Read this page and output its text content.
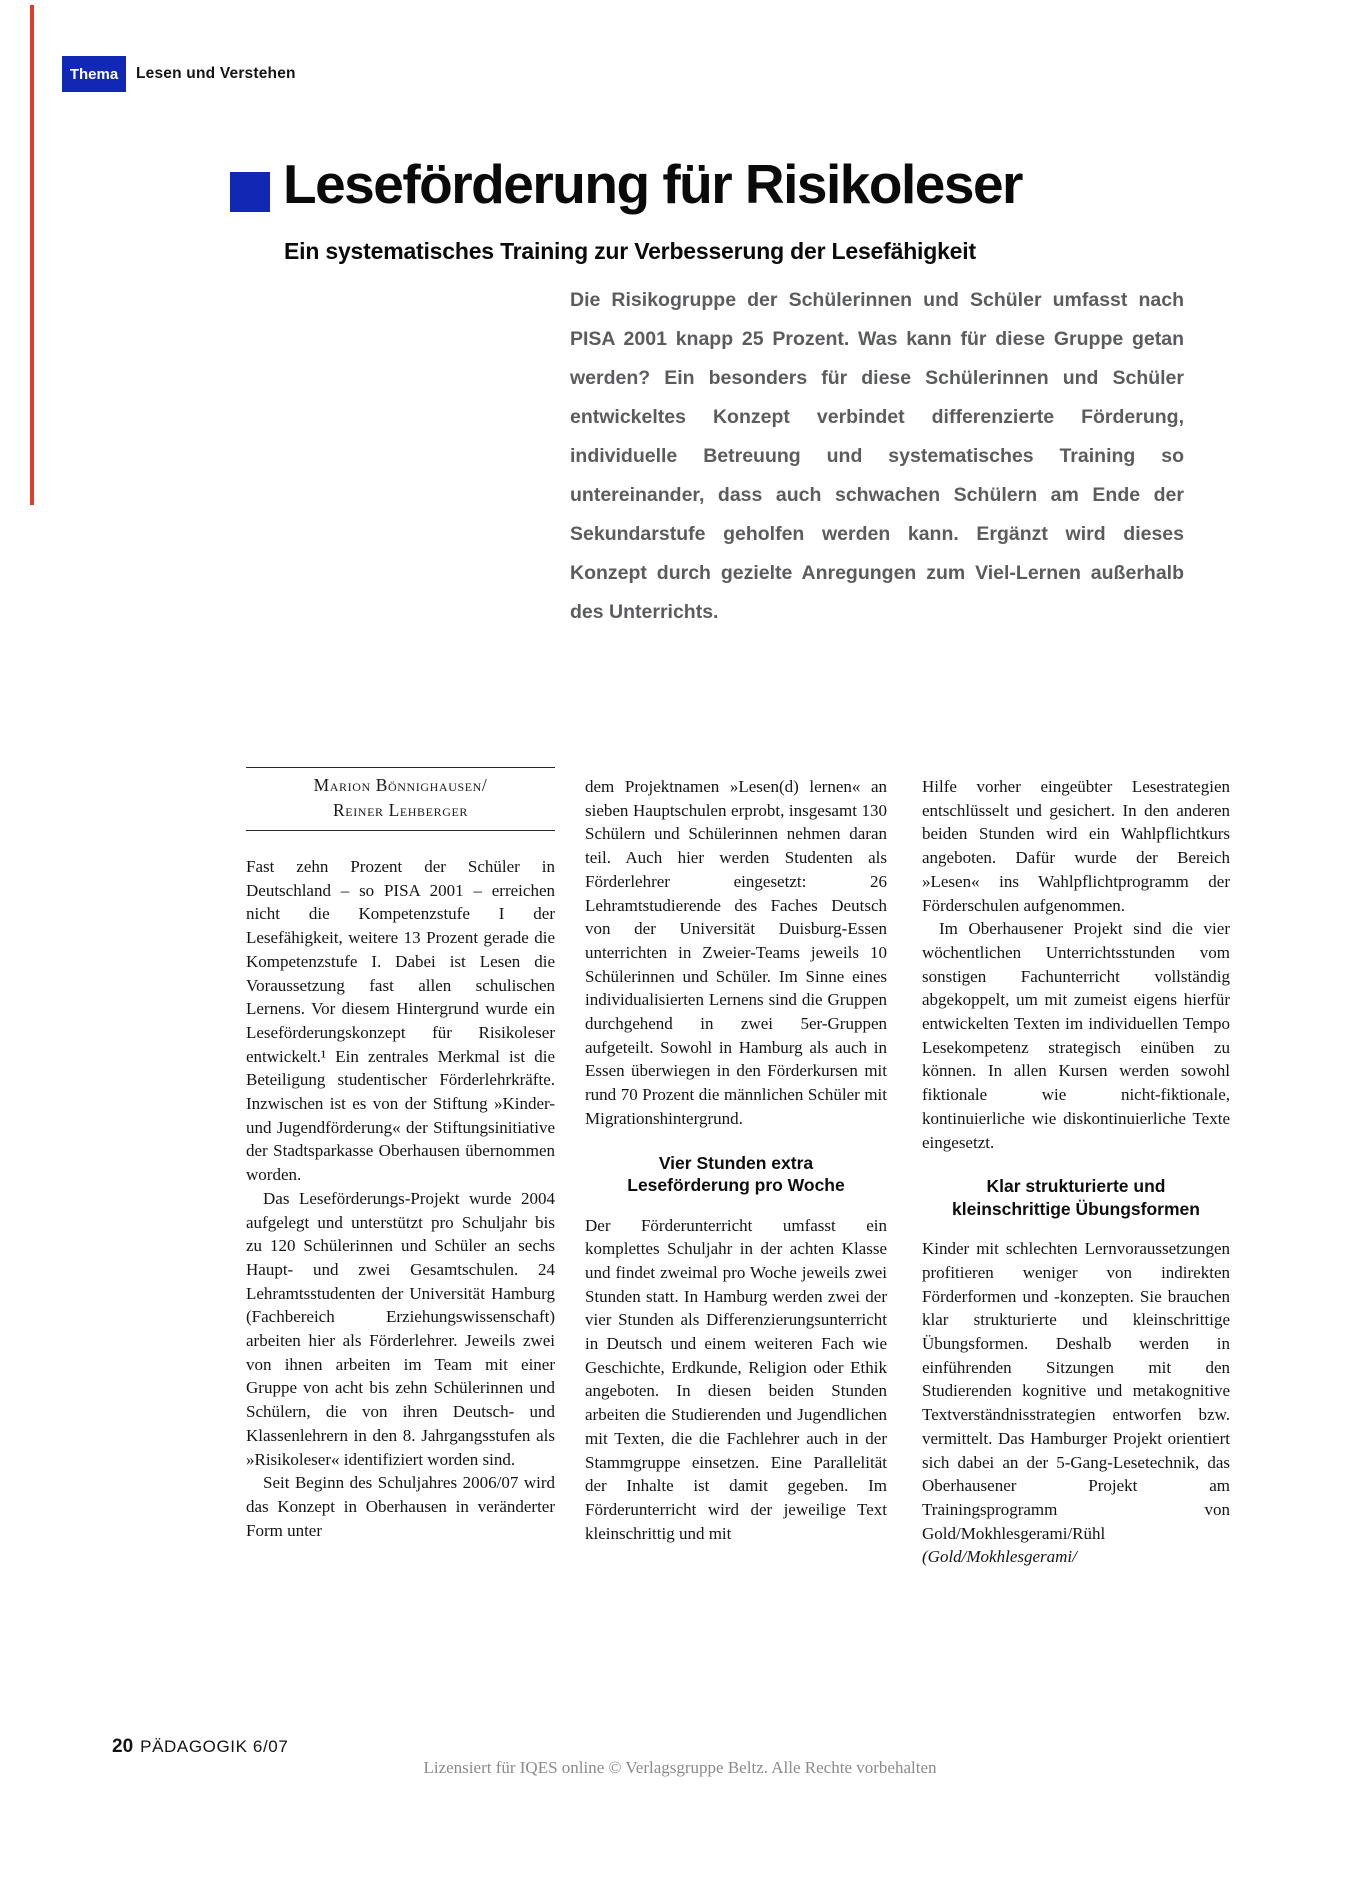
Thema Lesen und Verstehen
Leseförderung für Risikoleser
Ein systematisches Training zur Verbesserung der Lesefähigkeit
Die Risikogruppe der Schülerinnen und Schüler umfasst nach PISA 2001 knapp 25 Prozent. Was kann für diese Gruppe getan werden? Ein besonders für diese Schülerinnen und Schüler entwickeltes Konzept verbindet differenzierte Förderung, individuelle Betreuung und systematisches Training so untereinander, dass auch schwachen Schülern am Ende der Sekundarstufe geholfen werden kann. Ergänzt wird dieses Konzept durch gezielte Anregungen zum Viel-Lernen außerhalb des Unterrichts.
Marion Bönnighausen/
Reiner Lehberger

Fast zehn Prozent der Schüler in Deutschland – so PISA 2001 – erreichen nicht die Kompetenzstufe I der Lesefähigkeit, weitere 13 Prozent gerade die Kompetenzstufe I. Dabei ist Lesen die Voraussetzung fast allen schulischen Lernens. Vor diesem Hintergrund wurde ein Leseförderungskonzept für Risikoleser entwickelt.¹ Ein zentrales Merkmal ist die Beteiligung studentischer Förderlehrkräfte. Inzwischen ist es von der Stiftung »Kinder- und Jugendförderung« der Stiftungsinitiative der Stadtsparkasse Oberhausen übernommen worden.

Das Leseförderungs-Projekt wurde 2004 aufgelegt und unterstützt pro Schuljahr bis zu 120 Schülerinnen und Schüler an sechs Haupt- und zwei Gesamtschulen. 24 Lehramtsstudenten der Universität Hamburg (Fachbereich Erziehungswissenschaft) arbeiten hier als Förderlehrer. Jeweils zwei von ihnen arbeiten im Team mit einer Gruppe von acht bis zehn Schülerinnen und Schülern, die von ihren Deutsch- und Klassenlehrern in den 8. Jahrgangsstufen als »Risikoleser« identifiziert worden sind.

Seit Beginn des Schuljahres 2006/07 wird das Konzept in Oberhausen in veränderter Form unter

dem Projektnamen »Lesen(d) lernen« an sieben Hauptschulen erprobt, insgesamt 130 Schülern und Schülerinnen nehmen daran teil. Auch hier werden Studenten als Förderlehrer eingesetzt: 26 Lehramtstudierende des Faches Deutsch von der Universität Duisburg-Essen unterrichten in Zweier-Teams jeweils 10 Schülerinnen und Schüler. Im Sinne eines individualisierten Lernens sind die Gruppen durchgehend in zwei 5er-Gruppen aufgeteilt. Sowohl in Hamburg als auch in Essen überwiegen in den Förderkursen mit rund 70 Prozent die männlichen Schüler mit Migrationshintergrund.

Vier Stunden extra
Leseförderung pro Woche

Der Förderunterricht umfasst ein komplettes Schuljahr in der achten Klasse und findet zweimal pro Woche jeweils zwei Stunden statt. In Hamburg werden zwei der vier Stunden als Differenzierungsunterricht in Deutsch und einem weiteren Fach wie Geschichte, Erdkunde, Religion oder Ethik angeboten. In diesen beiden Stunden arbeiten die Studierenden und Jugendlichen mit Texten, die die Fachlehrer auch in der Stammgruppe einsetzen. Eine Parallelität der Inhalte ist damit gegeben. Im Förderunterricht wird der jeweilige Text kleinschrittig und mit

Hilfe vorher eingeübter Lesestrategien entschlüsselt und gesichert. In den anderen beiden Stunden wird ein Wahlpflichtkurs angeboten. Dafür wurde der Bereich »Lesen« ins Wahlpflichtprogramm der Förderschulen aufgenommen.

Im Oberhausener Projekt sind die vier wöchentlichen Unterrichtsstunden vom sonstigen Fachunterricht vollständig abgekoppelt, um mit zumeist eigens hierfür entwickelten Texten im individuellen Tempo Lesekompetenz strategisch einüben zu können. In allen Kursen werden sowohl fiktionale wie nicht-fiktionale, kontinuierliche wie diskontinuierliche Texte eingesetzt.

Klar strukturierte und
kleinschrittige Übungsformen

Kinder mit schlechten Lernvoraussetzungen profitieren weniger von indirekten Förderformen und -konzepten. Sie brauchen klar strukturierte und kleinschrittige Übungsformen. Deshalb werden in einführenden Sitzungen mit den Studierenden kognitive und metakognitive Textverständnisstrategien entworfen bzw. vermittelt. Das Hamburger Projekt orientiert sich dabei an der 5-Gang-Lesetechnik, das Oberhausener Projekt am Trainingsprogramm von Gold/Mokhlesgerami/Rühl (Gold/Mokhlesgerami/

20 PÄDAGOGIK 6/07
Lizensiert für IQES online © Verlagsgruppe Beltz. Alle Rechte vorbehalten
